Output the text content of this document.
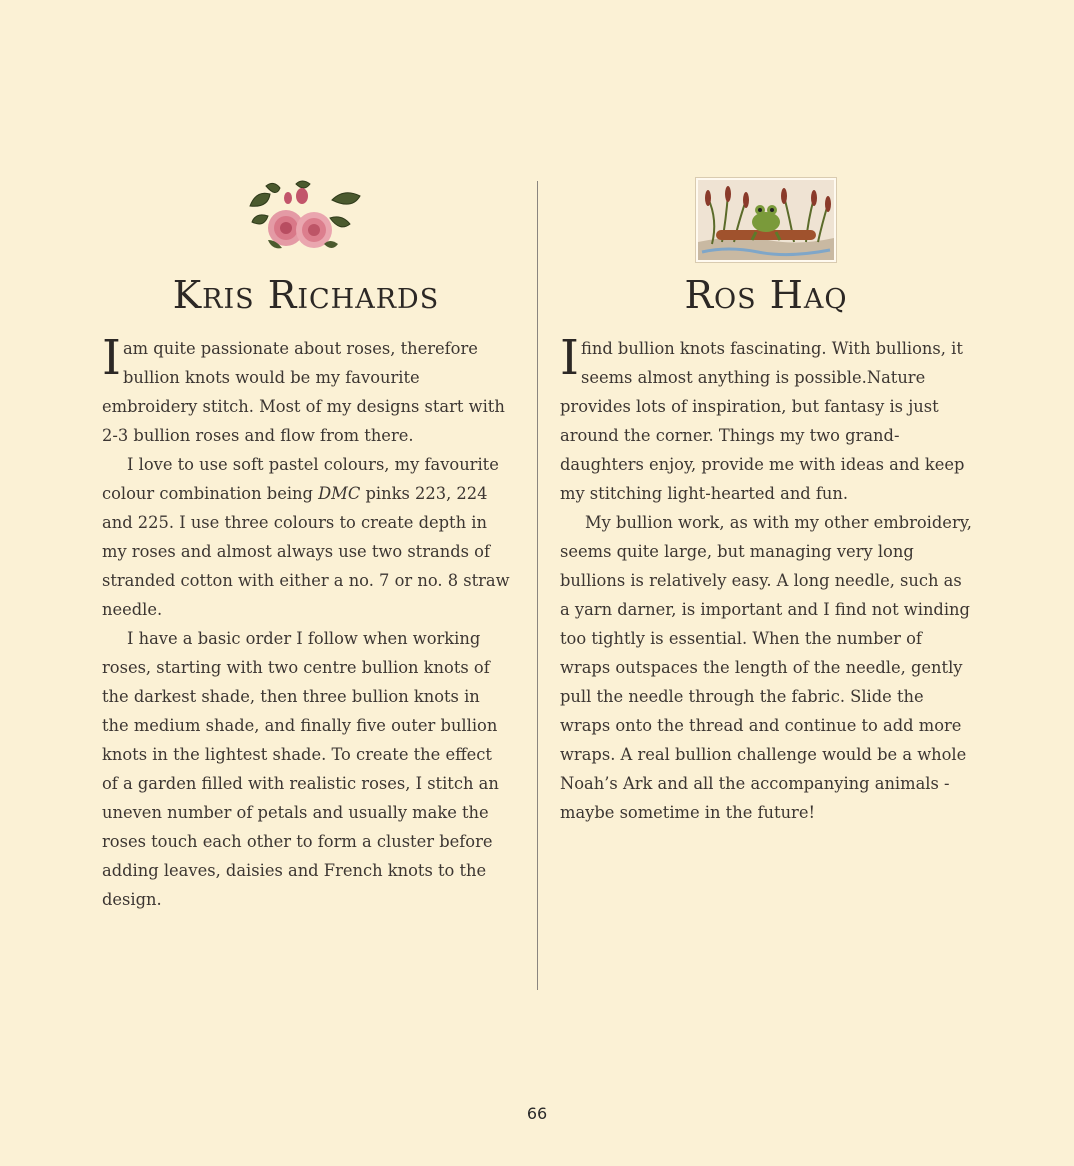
Kris Richards

Iam quite passionate about roses, therefore bullion knots would be my favourite embroidery stitch. Most of my designs start with 2-3 bullion roses and flow from there.

I love to use soft pastel colours, my favourite colour combination being DMC pinks 223, 224 and 225. I use three colours to create depth in my roses and almost always use two strands of stranded cotton with either a no. 7 or no. 8 straw needle.

I have a basic order I follow when working roses, starting with two centre bullion knots of the darkest shade, then three bullion knots in the medium shade, and finally five outer bullion knots in the lightest shade. To create the effect of a garden filled with realistic roses, I stitch an uneven number of petals and usually make the roses touch each other to form a cluster before adding leaves, daisies and French knots to the design.

Ros Haq

Ifind bullion knots fascinating. With bullions, it seems almost anything is possible.Nature provides lots of inspiration, but fantasy is just around the corner. Things my two grand-daughters enjoy, provide me with ideas and keep my stitching light-hearted and fun.

My bullion work, as with my other embroidery, seems quite large, but managing very long bullions is relatively easy. A long needle, such as a yarn darner, is important and I find not winding too tightly is essential. When the number of wraps outspaces the length of the needle, gently pull the needle through the fabric. Slide the wraps onto the thread and continue to add more wraps. A real bullion challenge would be a whole Noah’s Ark and all the accompanying animals - maybe sometime in the future!

66
